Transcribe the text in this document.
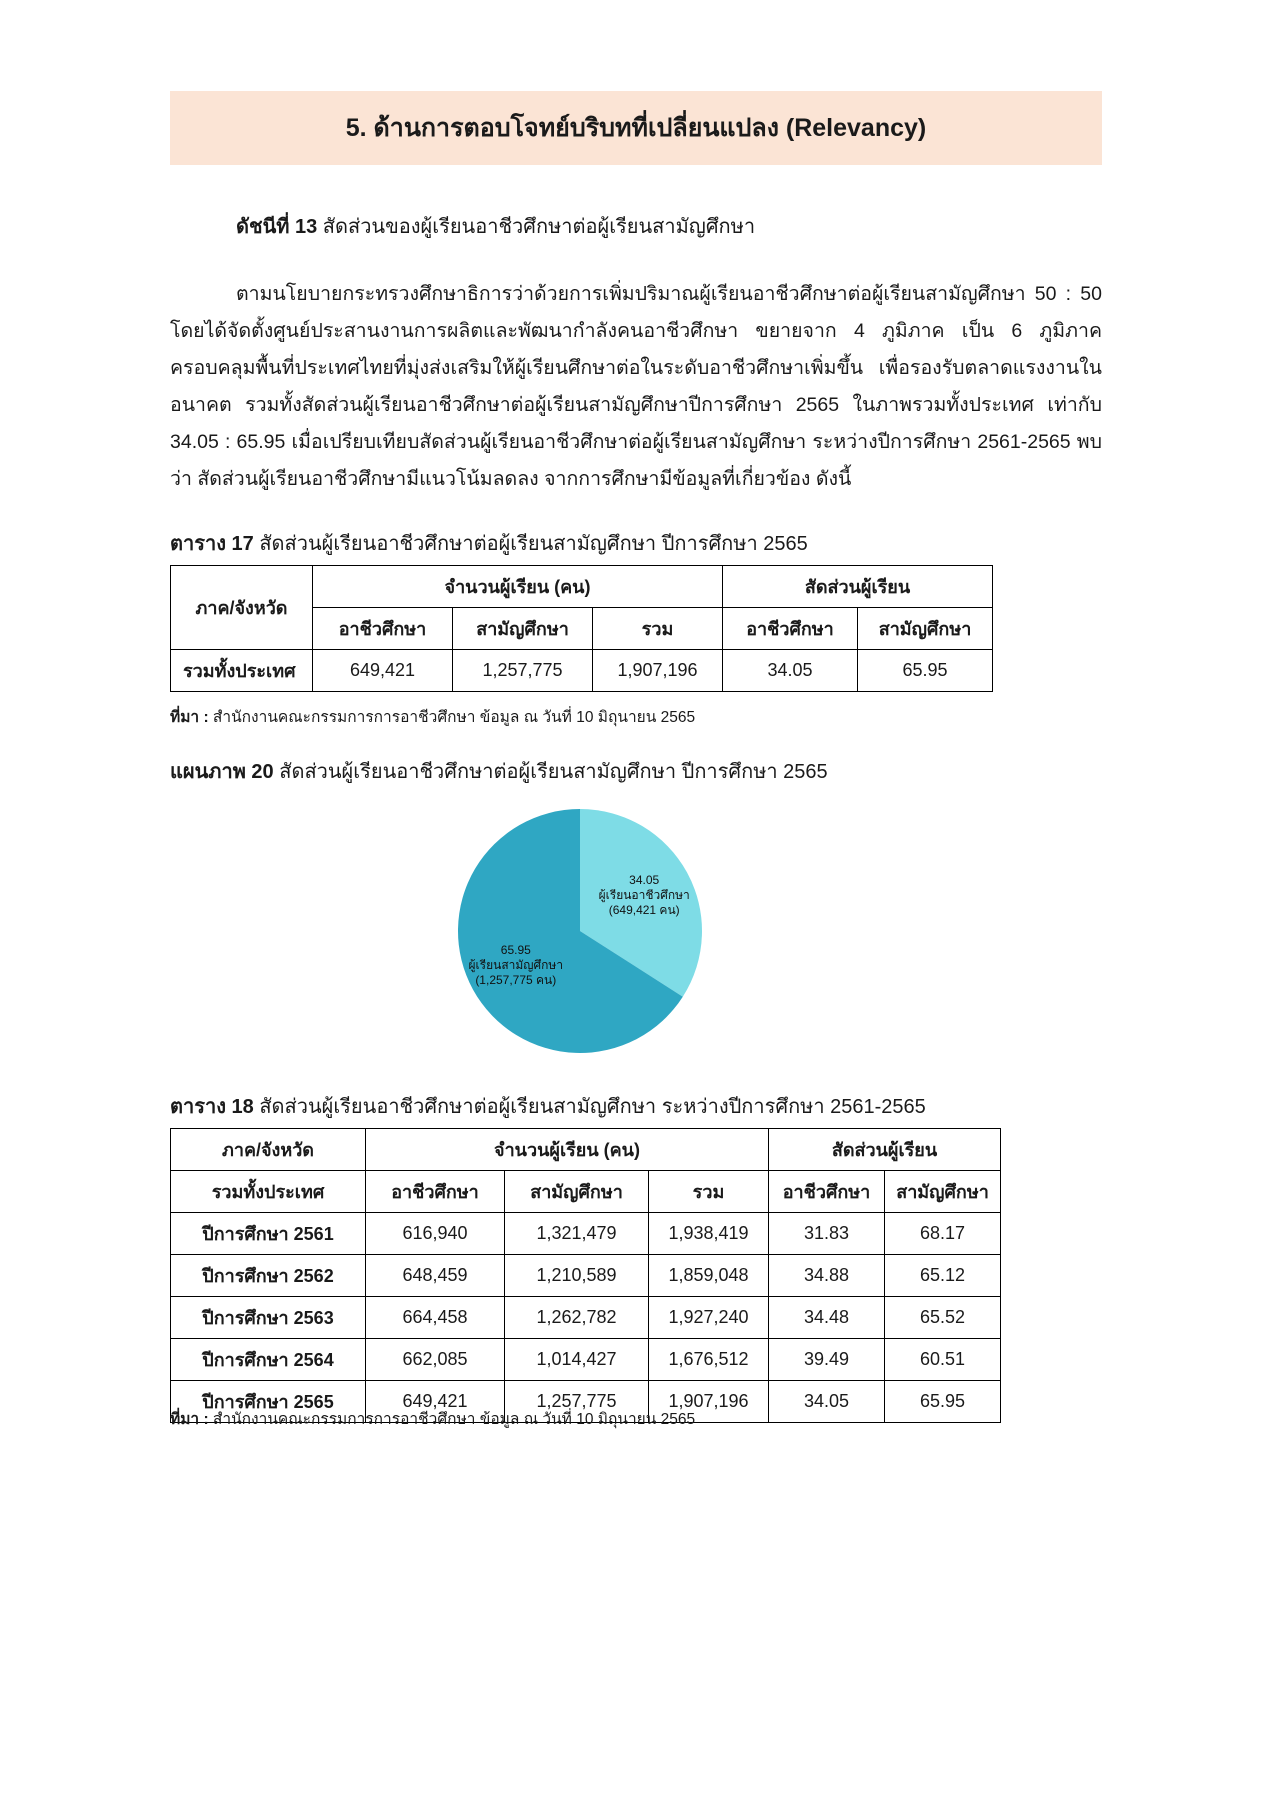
5. ด้านการตอบโจทย์บริบทที่เปลี่ยนแปลง (Relevancy)
ดัชนีที่ 13 สัดส่วนของผู้เรียนอาชีวศึกษาต่อผู้เรียนสามัญศึกษา
ตามนโยบายกระทรวงศึกษาธิการว่าด้วยการเพิ่มปริมาณผู้เรียนอาชีวศึกษาต่อผู้เรียนสามัญศึกษา 50 : 50 โดยได้จัดตั้งศูนย์ประสานงานการผลิตและพัฒนากำลังคนอาชีวศึกษา ขยายจาก 4 ภูมิภาค เป็น 6 ภูมิภาค ครอบคลุมพื้นที่ประเทศไทยที่มุ่งส่งเสริมให้ผู้เรียนศึกษาต่อในระดับอาชีวศึกษาเพิ่มขึ้น เพื่อรองรับตลาดแรงงานในอนาคต รวมทั้งสัดส่วนผู้เรียนอาชีวศึกษาต่อผู้เรียนสามัญศึกษาปีการศึกษา 2565 ในภาพรวมทั้งประเทศ เท่ากับ 34.05 : 65.95 เมื่อเปรียบเทียบสัดส่วนผู้เรียนอาชีวศึกษาต่อผู้เรียนสามัญศึกษา ระหว่างปีการศึกษา 2561-2565 พบว่า สัดส่วนผู้เรียนอาชีวศึกษามีแนวโน้มลดลง จากการศึกษามีข้อมูลที่เกี่ยวข้อง ดังนี้
ตาราง 17 สัดส่วนผู้เรียนอาชีวศึกษาต่อผู้เรียนสามัญศึกษา ปีการศึกษา 2565
ภาค/จังหวัด	จำนวนผู้เรียน (คน)			สัดส่วนผู้เรียน	
	อาชีวศึกษา	สามัญศึกษา	รวม	อาชีวศึกษา	สามัญศึกษา
รวมทั้งประเทศ	649,421	1,257,775	1,907,196	34.05	65.95
ที่มา : สำนักงานคณะกรรมการการอาชีวศึกษา ข้อมูล ณ วันที่ 10 มิถุนายน 2565
แผนภาพ 20 สัดส่วนผู้เรียนอาชีวศึกษาต่อผู้เรียนสามัญศึกษา ปีการศึกษา 2565
34.05 ผู้เรียนอาชีวศึกษา(649,421 คน)
65.95 ผู้เรียนสามัญศึกษา(1,257,775 คน)
ตาราง 18 สัดส่วนผู้เรียนอาชีวศึกษาต่อผู้เรียนสามัญศึกษา ระหว่างปีการศึกษา 2561-2565
ภาค/จังหวัด	จำนวนผู้เรียน (คน)			สัดส่วนผู้เรียน	
รวมทั้งประเทศ	อาชีวศึกษา	สามัญศึกษา	รวม	อาชีวศึกษา	สามัญศึกษา
ปีการศึกษา 2561	616,940	1,321,479	1,938,419	31.83	68.17
ปีการศึกษา 2562	648,459	1,210,589	1,859,048	34.88	65.12
ปีการศึกษา 2563	664,458	1,262,782	1,927,240	34.48	65.52
ปีการศึกษา 2564	662,085	1,014,427	1,676,512	39.49	60.51
ปีการศึกษา 2565	649,421	1,257,775	1,907,196	34.05	65.95
ที่มา : สำนักงานคณะกรรมการการอาชีวศึกษา ข้อมูล ณ วันที่ 10 มิถุนายน 2565
